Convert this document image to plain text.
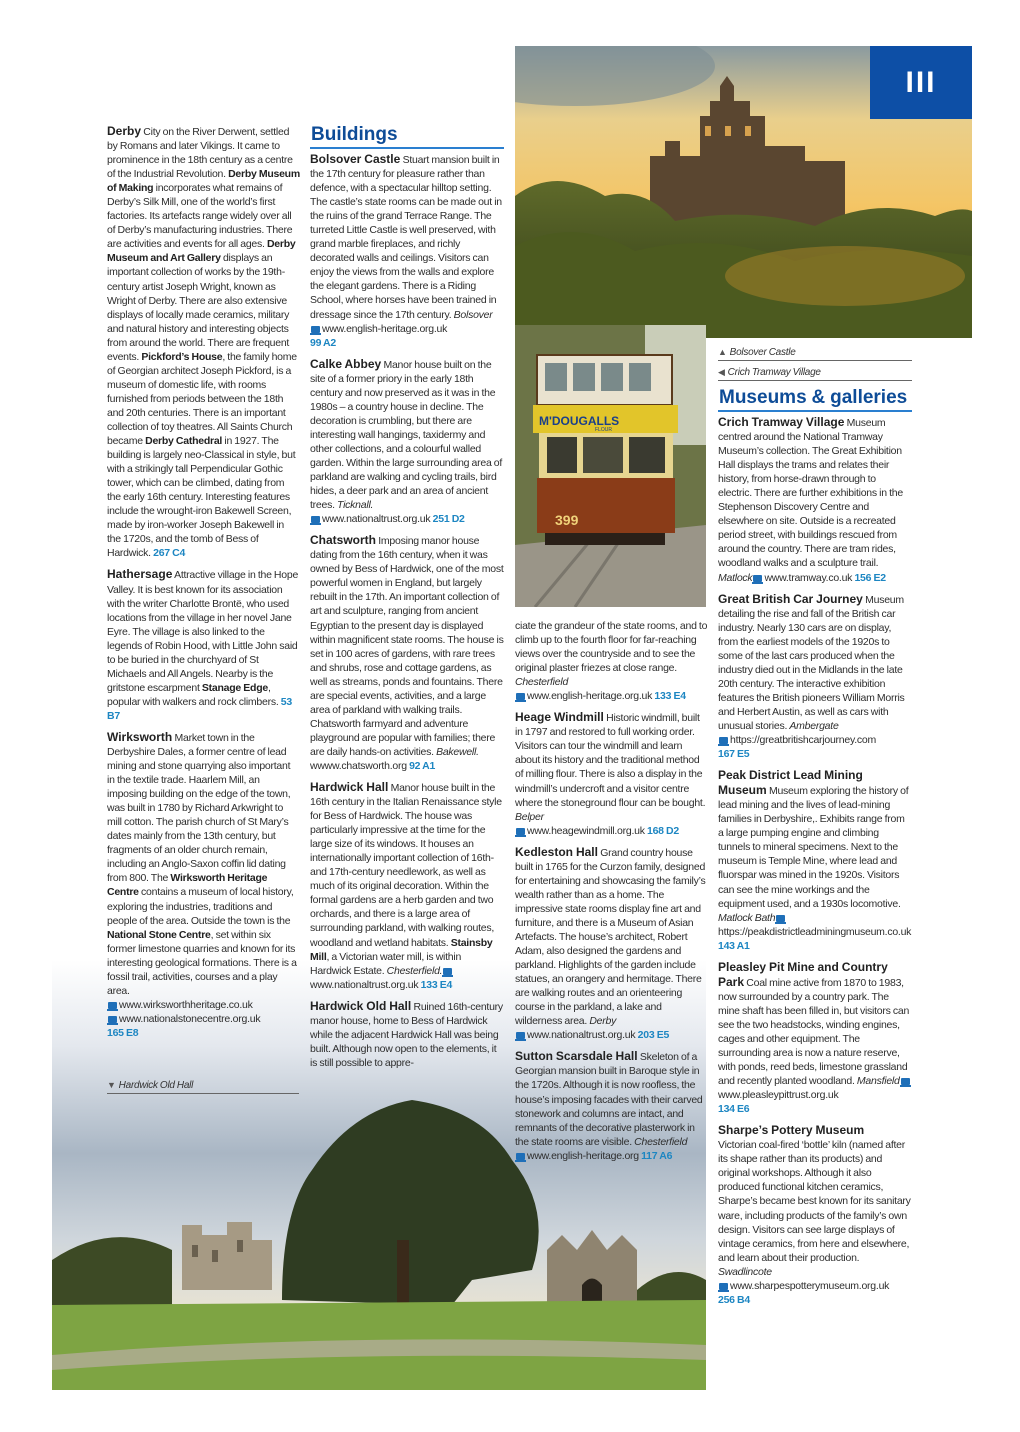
III
M'DOUGALLS
FLOUR
399
Derby City on the River Derwent, settled by Romans and later Vikings. It came to prominence in the 18th century as a centre of the Industrial Revolution. Derby Museum of Making incorporates what remains of Derby’s Silk Mill, one of the world’s first factories. Its artefacts range widely over all of Derby’s manufacturing industries. There are activities and events for all ages. Derby Museum and Art Gallery displays an important collection of works by the 19th-century artist Joseph Wright, known as Wright of Derby. There are also extensive displays of locally made ceramics, military and natural history and interesting objects from around the world. There are frequent events. Pickford’s House, the family home of Georgian architect Joseph Pickford, is a museum of domestic life, with rooms furnished from periods between the 18th and 20th centuries. There is an important collection of toy theatres. All Saints Church became Derby Cathedral in 1927. The building is largely neo-Classical in style, but with a strikingly tall Perpendicular Gothic tower, which can be climbed, dating from the early 16th century. Interesting features include the wrought-iron Bakewell Screen, made by iron-worker Joseph Bakewell in the 1720s, and the tomb of Bess of Hardwick. 267 C4
Hathersage Attractive village in the Hope Valley. It is best known for its association with the writer Charlotte Brontë, who used locations from the village in her novel Jane Eyre. The village is also linked to the legends of Robin Hood, with Little John said to be buried in the churchyard of St Michaels and All Angels. Nearby is the gritstone escarpment Stanage Edge, popular with walkers and rock climbers. 53 B7
Wirksworth Market town in the Derbyshire Dales, a former centre of lead mining and stone quarrying also important in the textile trade. Haarlem Mill, an imposing building on the edge of the town, was built in 1780 by Richard Arkwright to mill cotton. The parish church of St Mary’s dates mainly from the 13th century, but fragments of an older church remain, including an Anglo-Saxon coffin lid dating from 800. The Wirksworth Heritage Centre contains a museum of local history, exploring the industries, traditions and people of the area. Outside the town is the National Stone Centre, set within six former limestone quarries and known for its interesting geological formations. There is a fossil trail, activities, courses and a play area.
www.wirksworthheritage.co.uk
www.nationalstonecentre.org.uk
165 E8
▼ Hardwick Old Hall
Buildings
Bolsover Castle Stuart mansion built in the 17th century for pleasure rather than defence, with a spectacular hilltop setting. The castle’s state rooms can be made out in the ruins of the grand Terrace Range. The turreted Little Castle is well preserved, with grand marble fireplaces, and richly decorated walls and ceilings. Visitors can enjoy the views from the walls and explore the elegant gardens. There is a Riding School, where horses have been trained in dressage since the 17th century. Bolsoverwww.english-heritage.org.uk
99 A2
Calke Abbey Manor house built on the site of a former priory in the early 18th century and now preserved as it was in the 1980s – a country house in decline. The decoration is crumbling, but there are interesting wall hangings, taxidermy and other collections, and a colourful walled garden. Within the large surrounding area of parkland are walking and cycling trails, bird hides, a deer park and an area of ancient trees. Ticknall.
www.nationaltrust.org.uk 251 D2
Chatsworth Imposing manor house dating from the 16th century, when it was owned by Bess of Hardwick, one of the most powerful women in England, but largely rebuilt in the 17th. An important collection of art and sculpture, ranging from ancient Egyptian to the present day is displayed within magnificent state rooms. The house is set in 100 acres of gardens, with rare trees and shrubs, rose and cottage gardens, as well as streams, ponds and fountains. There are special events, activities, and a large area of parkland with walking trails. Chatsworth farmyard and adventure playground are popular with families; there are daily hands-on activities. Bakewell. wwww.chatsworth.org 92 A1
Hardwick Hall Manor house built in the 16th century in the Italian Renaissance style for Bess of Hardwick. The house was particularly impressive at the time for the large size of its windows. It houses an internationally important collection of 16th- and 17th-century needlework, as well as much of its original decoration. Within the formal gardens are a herb garden and two orchards, and there is a large area of surrounding parkland, with walking routes, woodland and wetland habitats. Stainsby Mill, a Victorian water mill, is within Hardwick Estate. Chesterfield.www.nationaltrust.org.uk 133 E4
Hardwick Old Hall Ruined 16th-century manor house, home to Bess of Hardwick while the adjacent Hardwick Hall was being built. Although now open to the elements, it is still possible to appre-
ciate the grandeur of the state rooms, and to climb up to the fourth floor for far-reaching views over the countryside and to see the original plaster friezes at close range. Chesterfield
www.english-heritage.org.uk 133 E4
Heage Windmill Historic windmill, built in 1797 and restored to full working order. Visitors can tour the windmill and learn about its history and the traditional method of milling flour. There is also a display in the windmill’s undercroft and a visitor centre where the stoneground flour can be bought. Belper
www.heagewindmill.org.uk 168 D2
Kedleston Hall Grand country house built in 1765 for the Curzon family, designed for entertaining and showcasing the family’s wealth rather than as a home. The impressive state rooms display fine art and furniture, and there is a Museum of Asian Artefacts. The house’s architect, Robert Adam, also designed the gardens and parkland. Highlights of the garden include statues, an orangery and hermitage. There are walking routes and an orienteering course in the parkland, a lake and wilderness area. Derby
www.nationaltrust.org.uk 203 E5
Sutton Scarsdale Hall Skeleton of a Georgian mansion built in Baroque style in the 1720s. Although it is now roofless, the house’s imposing facades with their carved stonework and columns are intact, and remnants of the decorative plasterwork in the state rooms are visible. Chesterfield
www.english-heritage.org 117 A6
▲ Bolsover Castle
◀ Crich Tramway Village
Museums & galleries
Crich Tramway Village Museum centred around the National Tramway Museum’s collection. The Great Exhibition Hall displays the trams and relates their history, from horse-drawn through to electric. There are further exhibitions in the Stephenson Discovery Centre and elsewhere on site. Outside is a recreated period street, with buildings rescued from around the country. There are tram rides, woodland walks and a sculpture trail. Matlock www.tramway.co.uk 156 E2
Great British Car Journey Museum detailing the rise and fall of the British car industry. Nearly 130 cars are on display, from the earliest models of the 1920s to some of the last cars produced when the industry died out in the Midlands in the late 20th century. The interactive exhibition features the British pioneers William Morris and Herbert Austin, as well as cars with unusual stories. Ambergate
https://greatbritishcarjourney.com
167 E5
Peak District Lead Mining Museum Museum exploring the history of lead mining and the lives of lead-mining families in Derbyshire,. Exhibits range from a large pumping engine and climbing tunnels to mineral specimens. Next to the museum is Temple Mine, where lead and fluorspar was mined in the 1920s. Visitors can see the mine workings and the equipment used, and a 1930s locomotive. Matlock Bathhttps://peakdistrictleadminingmuseum.co.uk
143 A1
Pleasley Pit Mine and Country Park Coal mine active from 1870 to 1983, now surrounded by a country park. The mine shaft has been filled in, but visitors can see the two headstocks, winding engines, cages and other equipment. The surrounding area is now a nature reserve, with ponds, reed beds, limestone grassland and recently planted woodland. Mansfieldwww.pleasleypittrust.org.uk
134 E6
Sharpe’s Pottery Museum
Victorian coal-fired ‘bottle’ kiln (named after its shape rather than its products) and original workshops. Although it also produced functional kitchen ceramics, Sharpe’s became best known for its sanitary ware, including products of the family’s own design. Visitors can see large displays of vintage ceramics, from here and elsewhere, and learn about their production. Swadlincote
www.sharpespotterymuseum.org.uk
256 B4
